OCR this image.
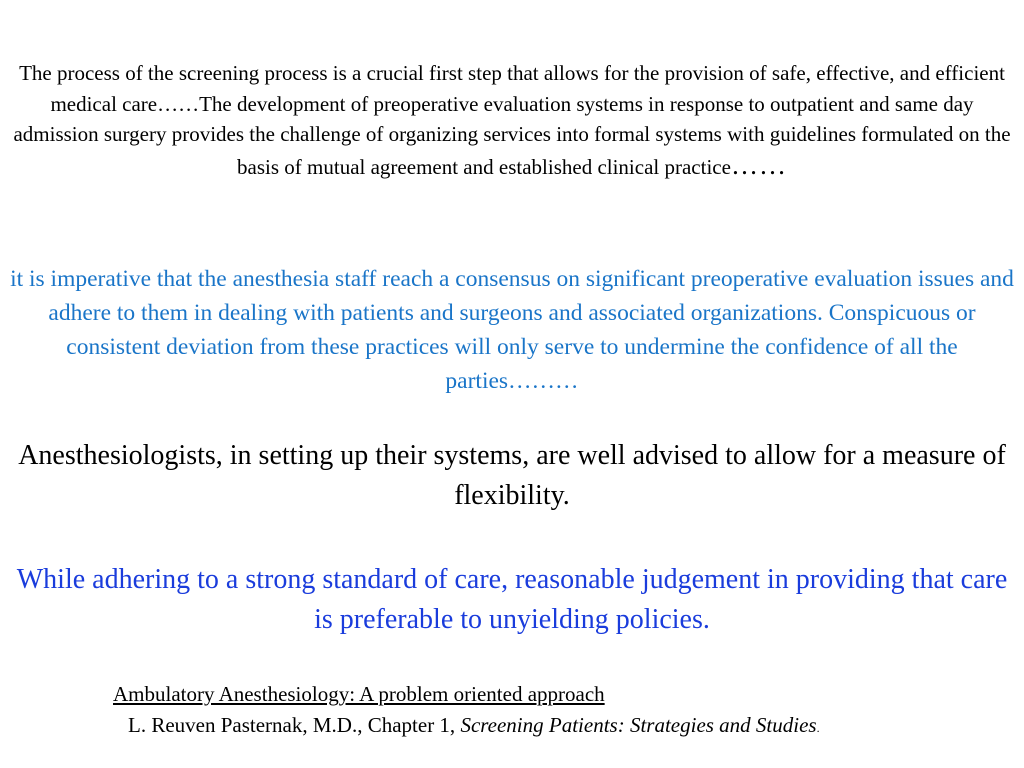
The process of the screening process is a crucial first step that allows for the provision of safe, effective, and efficient medical care……The development of preoperative evaluation systems in response to outpatient and same day admission surgery provides the challenge of organizing services into formal systems with guidelines formulated on the basis of mutual agreement and established clinical practice……

it is imperative that the anesthesia staff reach a consensus on significant preoperative evaluation issues and adhere to them in dealing with patients and surgeons and associated organizations. Conspicuous or consistent deviation from these practices will only serve to undermine the confidence of all the parties………

Anesthesiologists, in setting up their systems, are well advised to allow for a measure of flexibility.

While adhering to a strong standard of care, reasonable judgement in providing that care is preferable to unyielding policies.

Ambulatory Anesthesiology: A problem oriented approach

L. Reuven Pasternak, M.D., Chapter 1, Screening Patients: Strategies and Studies.
